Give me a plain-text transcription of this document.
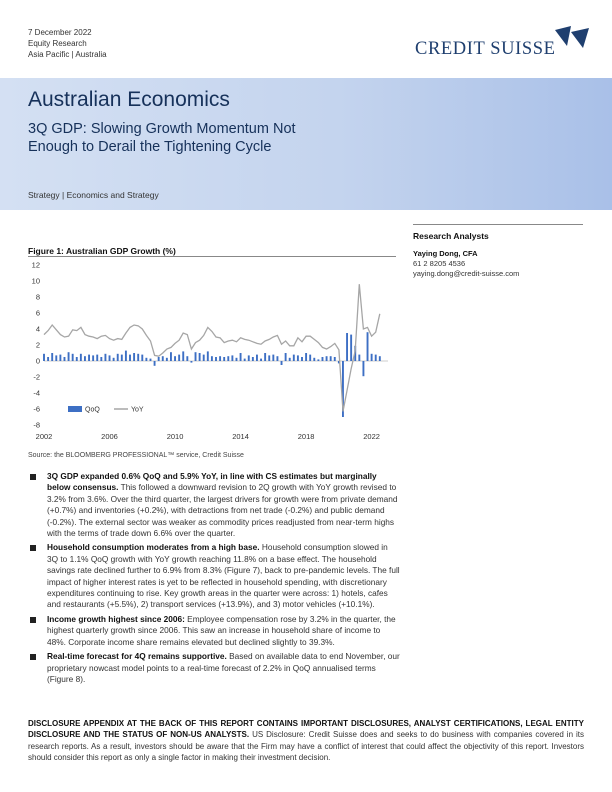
7 December 2022
Equity Research
Asia Pacific | Australia	CREDIT SUISSE
Australian Economics
3Q GDP: Slowing Growth Momentum Not
Enough to Derail the Tightening Cycle
Strategy | Economics and Strategy
Research Analysts
Yaying Dong, CFA
61 2 8205 4536
yaying.dong@credit-suisse.com
Figure 1: Australian GDP Growth (%)
12
10
8
6
4
2
0
-2
-4
-6
-8
2002	2006	2010	2014	2018	2022
QoQ	YoY
Source: the BLOOMBERG PROFESSIONAL™ service, Credit Suisse
3Q GDP expanded 0.6% QoQ and 5.9% YoY, in line with CS estimates but marginally below consensus. This followed a downward revision to 2Q growth with YoY growth revised to 3.2% from 3.6%. Over the third quarter, the largest drivers for growth were from private demand (+0.7%) and inventories (+0.2%), with detractions from net trade (-0.2%) and public demand (-0.2%). The external sector was weaker as commodity prices readjusted from near-term highs with the terms of trade down 6.6% over the quarter.
Household consumption moderates from a high base. Household consumption slowed in 3Q to 1.1% QoQ growth with YoY growth reaching 11.8% on a base effect. The household savings rate declined further to 6.9% from 8.3% (Figure 7), back to pre-pandemic levels. The full impact of higher interest rates is yet to be reflected in household spending, with discretionary expenditures continuing to rise. Key growth areas in the quarter were across: 1) hotels, cafes and restaurants (+5.5%), 2) transport services (+13.9%), and 3) motor vehicles (+10.1%).
Income growth highest since 2006: Employee compensation rose by 3.2% in the quarter, the highest quarterly growth since 2006. This saw an increase in household share of income to 48%. Corporate income share remains elevated but declined slightly to 39.3%.
Real-time forecast for 4Q remains supportive. Based on available data to end November, our proprietary nowcast model points to a real-time forecast of 2.2% in QoQ annualised terms (Figure 8).
DISCLOSURE APPENDIX AT THE BACK OF THIS REPORT CONTAINS IMPORTANT DISCLOSURES, ANALYST CERTIFICATIONS, LEGAL ENTITY DISCLOSURE AND THE STATUS OF NON-US ANALYSTS. US Disclosure: Credit Suisse does and seeks to do business with companies covered in its research reports. As a result, investors should be aware that the Firm may have a conflict of interest that could affect the objectivity of this report. Investors should consider this report as only a single factor in making their investment decision.
